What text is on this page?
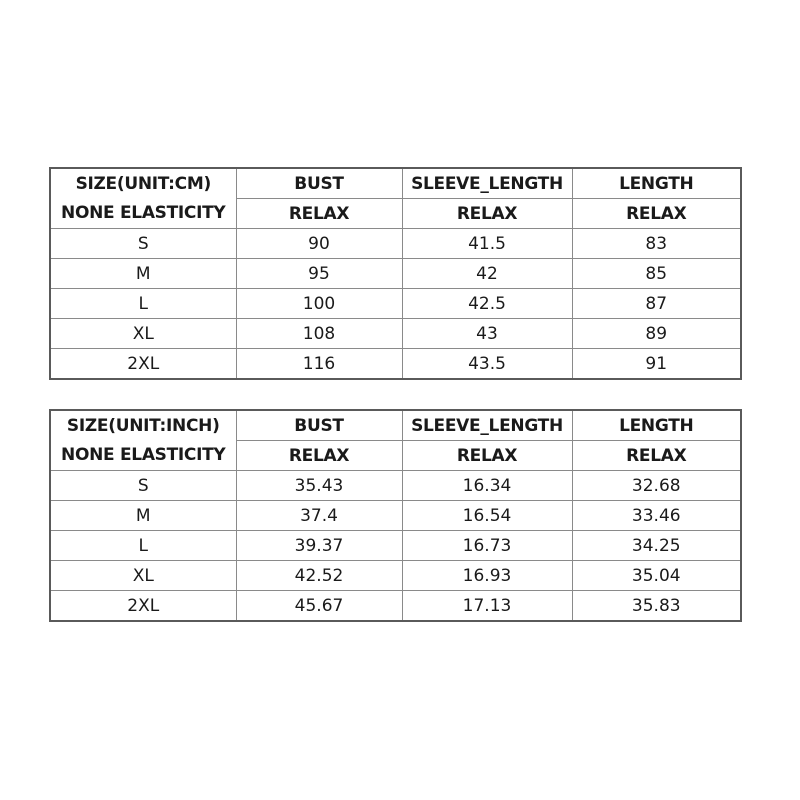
SIZE(UNIT:CM)	BUST	SLEEVE_LENGTH	LENGTH
NONE ELASTICITY	RELAX	RELAX	RELAX
S	90	41.5	83
M	95	42	85
L	100	42.5	87
XL	108	43	89
2XL	116	43.5	91
SIZE(UNIT:INCH)	BUST	SLEEVE_LENGTH	LENGTH
NONE ELASTICITY	RELAX	RELAX	RELAX
S	35.43	16.34	32.68
M	37.4	16.54	33.46
L	39.37	16.73	34.25
XL	42.52	16.93	35.04
2XL	45.67	17.13	35.83
